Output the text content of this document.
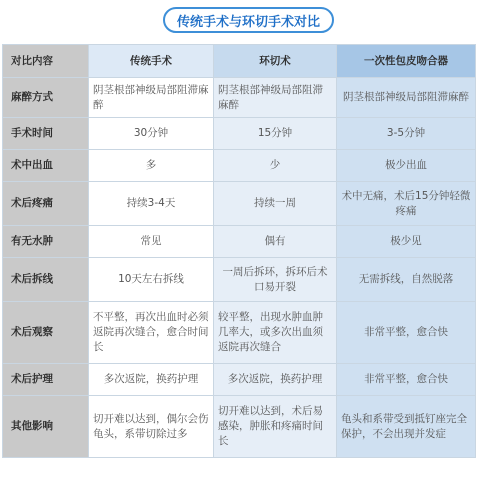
传统手术与环切手术对比
对比内容	传统手术	环切术	一次性包皮吻合器
麻醉方式	阴茎根部神级局部阻滞麻醉	阴茎根部神级局部阻滞麻醉	阴茎根部神级局部阻滞麻醉
手术时间	30分钟	15分钟	3-5分钟
术中出血	多	少	极少出血
术后疼痛	持续3-4天	持续一周	术中无痛，术后15分钟轻微疼痛
有无水肿	常见	偶有	极少见
术后拆线	10天左右拆线	一周后拆环，拆环后术口易开裂	无需拆线，自然脱落
术后观察	不平整，再次出血时必须返院再次缝合，愈合时间长	较平整，出现水肿血肿几率大，或多次出血须返院再次缝合	非常平整，愈合快
术后护理	多次返院，换药护理	多次返院，换药护理	非常平整，愈合快
其他影响	切开难以达到，偶尔会伤龟头，系带切除过多	切开难以达到，术后易感染，肿胀和疼痛时间长	龟头和系带受到抵钉座完全保护，不会出现并发症
